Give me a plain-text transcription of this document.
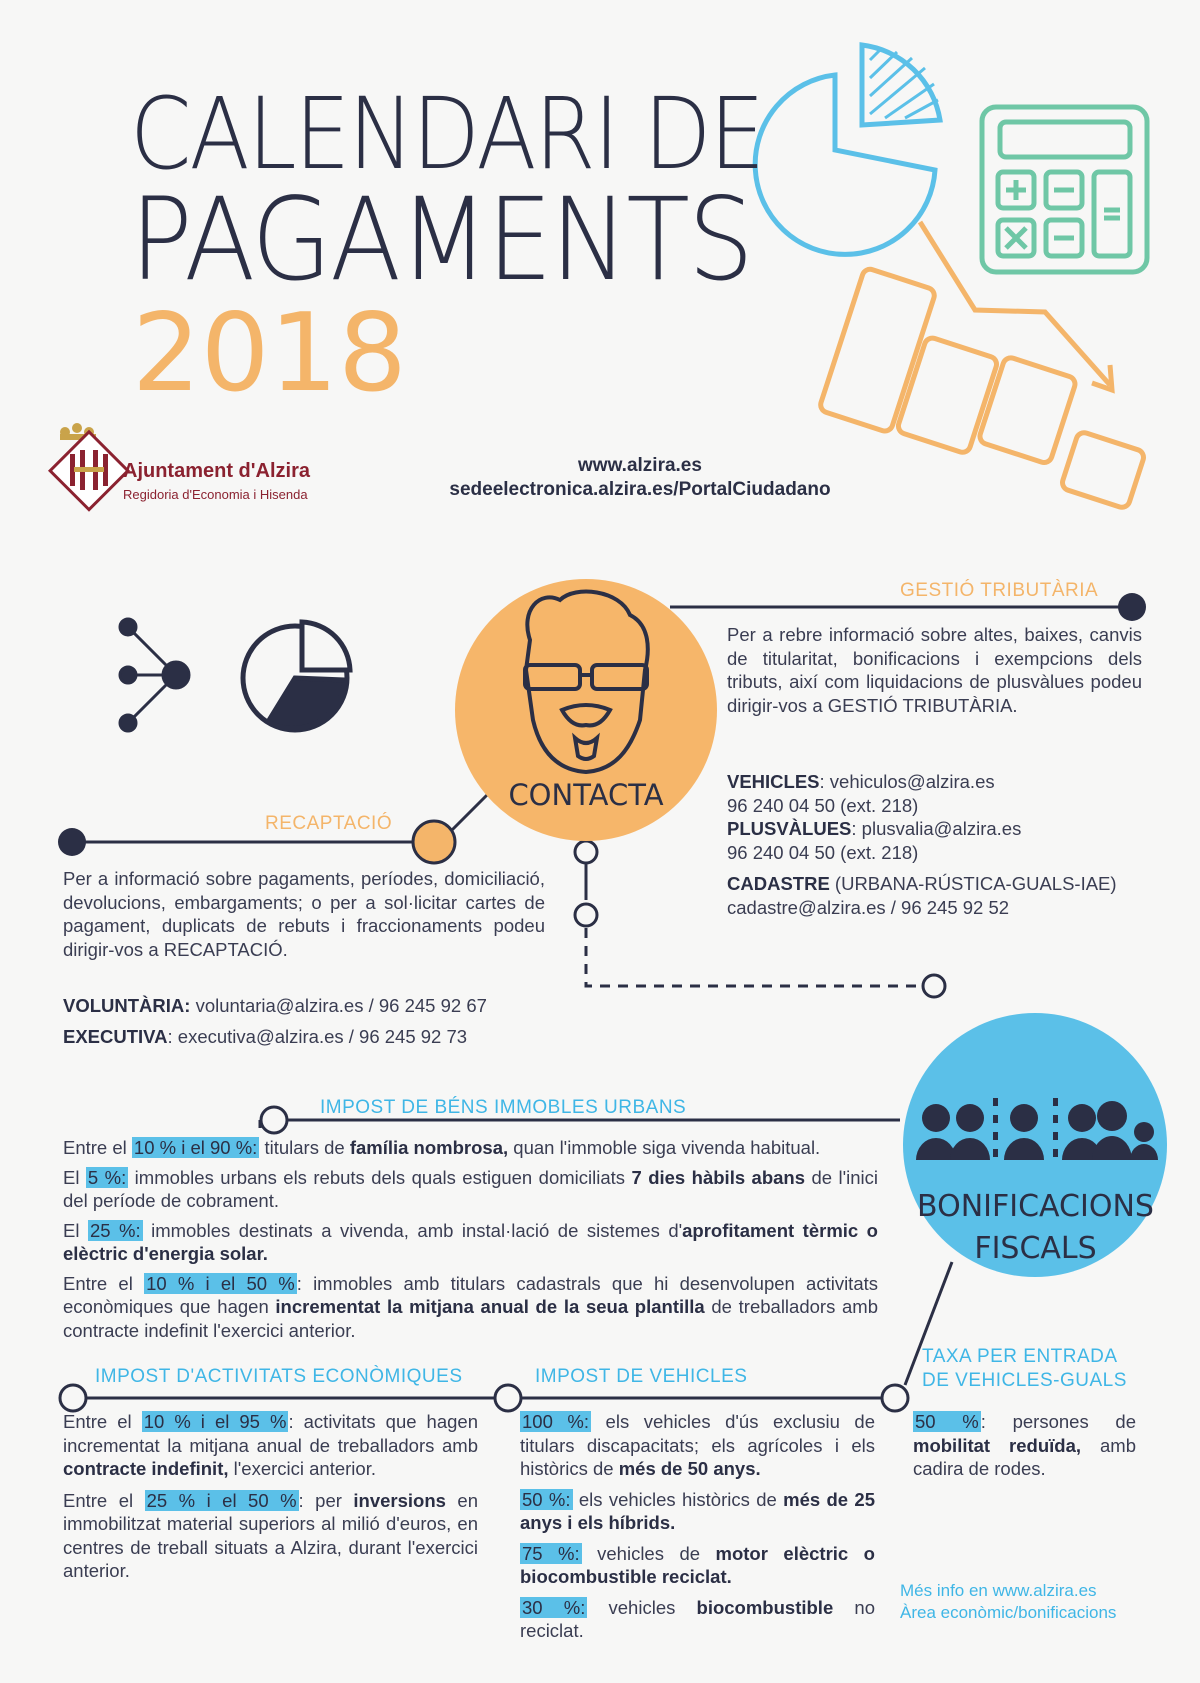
CALENDARI DE
PAGAMENTS
2018
www.alzira.es
sedeelectronica.alzira.es/PortalCiudadano
Ajuntament d'Alzira
Regidoria d'Economia i Hisenda
CONTACTA
GESTIÓ TRIBUTÀRIA
Per a rebre informació sobre altes, baixes, canvis de titularitat, bonificacions i exempcions dels tributs, així com liquidacions de plusvàlues podeu dirigir-vos a GESTIÓ TRIBUTÀRIA.
VEHICLES: vehiculos@alzira.es
96 240 04 50 (ext. 218)
PLUSVÀLUES: plusvalia@alzira.es
96 240 04 50 (ext. 218)
CADASTRE (URBANA-RÚSTICA-GUALS-IAE)
cadastre@alzira.es / 96 245 92 52
RECAPTACIÓ
Per a informació sobre pagaments, períodes, domiciliació, devolucions, embargaments; o per a sol·licitar cartes de pagament, duplicats de rebuts i fraccionaments podeu dirigir-vos a RECAPTACIÓ.
VOLUNTÀRIA: voluntaria@alzira.es / 96 245 92 67
EXECUTIVA: executiva@alzira.es / 96 245 92 73
BONIFICACIONS
FISCALS
IMPOST DE BÉNS IMMOBLES URBANS
Entre el 10 % i el 90 %: titulars de família nombrosa, quan l'immoble siga vivenda habitual.
El 5 %: immobles urbans els rebuts dels quals estiguen domiciliats 7 dies hàbils abans de l'inici del període de cobrament.
El 25 %: immobles destinats a vivenda, amb instal·lació de sistemes d'aprofitament tèrmic o elèctric d'energia solar.
Entre el 10 % i el 50 % : immobles amb titulars cadastrals que hi desenvolupen activitats econòmiques que hagen incrementat la mitjana anual de la seua plantilla de treballadors amb contracte indefinit l'exercici anterior.
IMPOST D'ACTIVITATS ECONÒMIQUES
Entre el 10 % i el 95 % : activitats que hagen incrementat la mitjana anual de treballadors amb contracte indefinit, l'exercici anterior.
Entre el 25 % i el 50 % : per inversions en immobilitzat material superiors al milió d'euros, en centres de treball situats a Alzira, durant l'exercici anterior.
IMPOST DE VEHICLES
100 %: els vehicles d'ús exclusiu de titulars discapacitats; els agrícoles i els històrics de més de 50 anys.
50 %: els vehicles històrics de més de 25 anys i els híbrids.
75 %: vehicles de motor elèctric o biocombustible reciclat.
30 %: vehicles biocombustible no reciclat.
TAXA PER ENTRADA
DE VEHICLES-GUALS
50 % : persones de mobilitat reduïda, amb cadira de rodes.
Més info en www.alzira.es
Àrea econòmic/bonificacions
